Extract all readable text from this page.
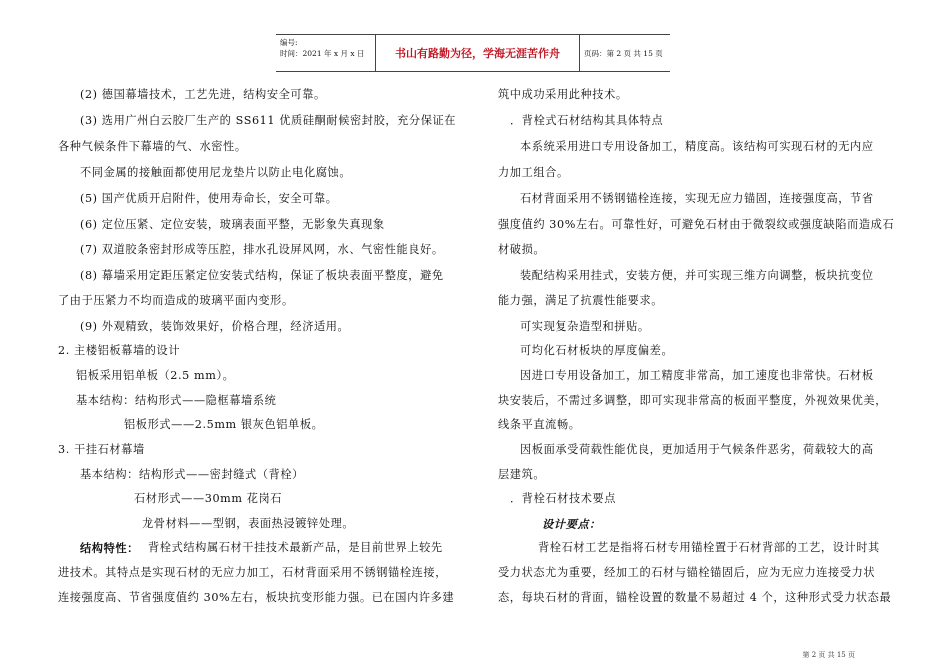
编号:
时间：2021 年 x 月 x 日	书山有路勤为径，学海无涯苦作舟	页码：第 2 页 共 15 页
(2) 德国幕墙技术，工艺先进，结构安全可靠。
(3) 选用广州白云胶厂生产的 SS611 优质硅酮耐候密封胶，充分保证在
各种气候条件下幕墙的气、水密性。
不同金属的接触面都使用尼龙垫片以防止电化腐蚀。
(5) 国产优质开启附件，使用寿命长，安全可靠。
(6) 定位压紧、定位安装，玻璃表面平整，无影象失真现象
(7) 双道胶条密封形成等压腔，排水孔设屏风网，水、气密性能良好。
(8) 幕墙采用定距压紧定位安装式结构，保证了板块表面平整度，避免
了由于压紧力不均而造成的玻璃平面内变形。
(9) 外观精致，装饰效果好，价格合理，经济适用。
2. 主楼铝板幕墙的设计
铝板采用铝单板（2.5 mm）。
基本结构：结构形式——隐框幕墙系统
铝板形式——2.5mm 银灰色铝单板。
3. 干挂石材幕墙
基本结构：结构形式——密封缝式（背栓）
石材形式——30mm 花岗石
龙骨材料——型钢，表面热浸镀锌处理。
结构特性： 背栓式结构属石材干挂技术最新产品，是目前世界上较先
进技术。其特点是实现石材的无应力加工，石材背面采用不锈钢锚栓连接，
连接强度高、节省强度值约 30%左右，板块抗变形能力强。已在国内许多建
筑中成功采用此种技术。
．背栓式石材结构其具体特点
本系统采用进口专用设备加工，精度高。该结构可实现石材的无内应
力加工组合。
石材背面采用不锈钢锚栓连接，实现无应力锚固，连接强度高，节省
强度值约 30%左右。可靠性好，可避免石材由于微裂纹或强度缺陷而造成石
材破损。
装配结构采用挂式，安装方便，并可实现三维方向调整，板块抗变位
能力强，满足了抗震性能要求。
可实现复杂造型和拼贴。
可均化石材板块的厚度偏差。
因进口专用设备加工，加工精度非常高，加工速度也非常快。石材板
块安装后，不需过多调整，即可实现非常高的板面平整度，外视效果优美，
线条平直流畅。
因板面承受荷载性能优良，更加适用于气候条件恶劣，荷载较大的高
层建筑。
．背栓石材技术要点
设计要点：
背栓石材工艺是指将石材专用锚栓置于石材背部的工艺，设计时其
受力状态尤为重要，经加工的石材与锚栓锚固后，应为无应力连接受力状
态，每块石材的背面，锚栓设置的数量不易超过 4 个，这种形式受力状态最
第 2 页 共 15 页
